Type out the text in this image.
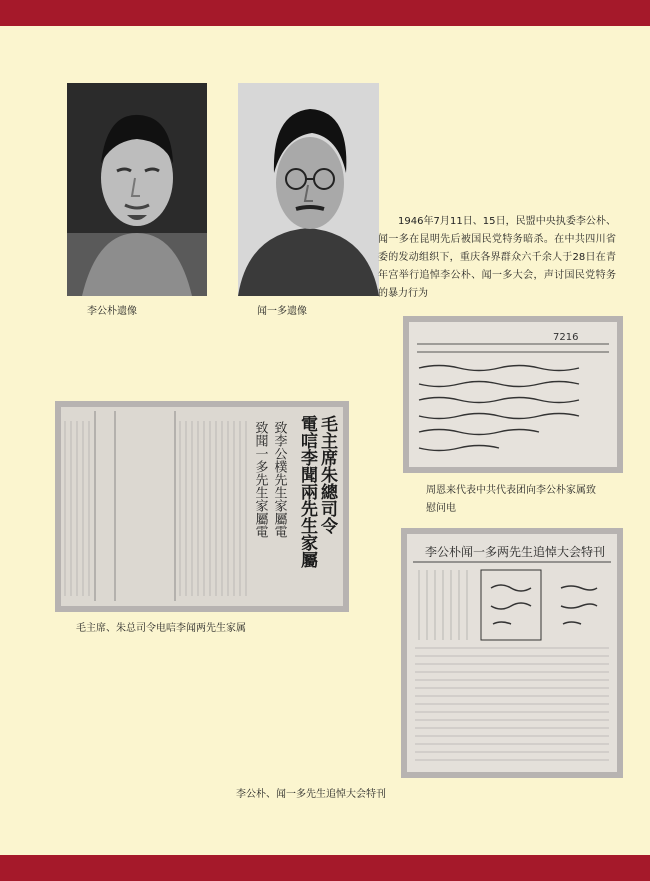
李公朴遗像	闻一多遗像

1946年7月11日、15日，民盟中央执委李公朴、闻一多在昆明先后被国民党特务暗杀。在中共四川省委的发动组织下，重庆各界群众六千余人于28日在青年宫举行追悼李公朴、闻一多大会，声讨国民党特务的暴力行为

7216
周恩来代表中共代表团向李公朴家属致
慰问电
毛主席朱總司令
電唁李聞兩先生家屬
致李公樸先生家屬電
致聞一多先生家屬電
毛主席、朱总司令电唁李闻两先生家属
李公朴闻一多两先生追悼大会特刊
李公朴、闻一多先生追悼大会特刊
